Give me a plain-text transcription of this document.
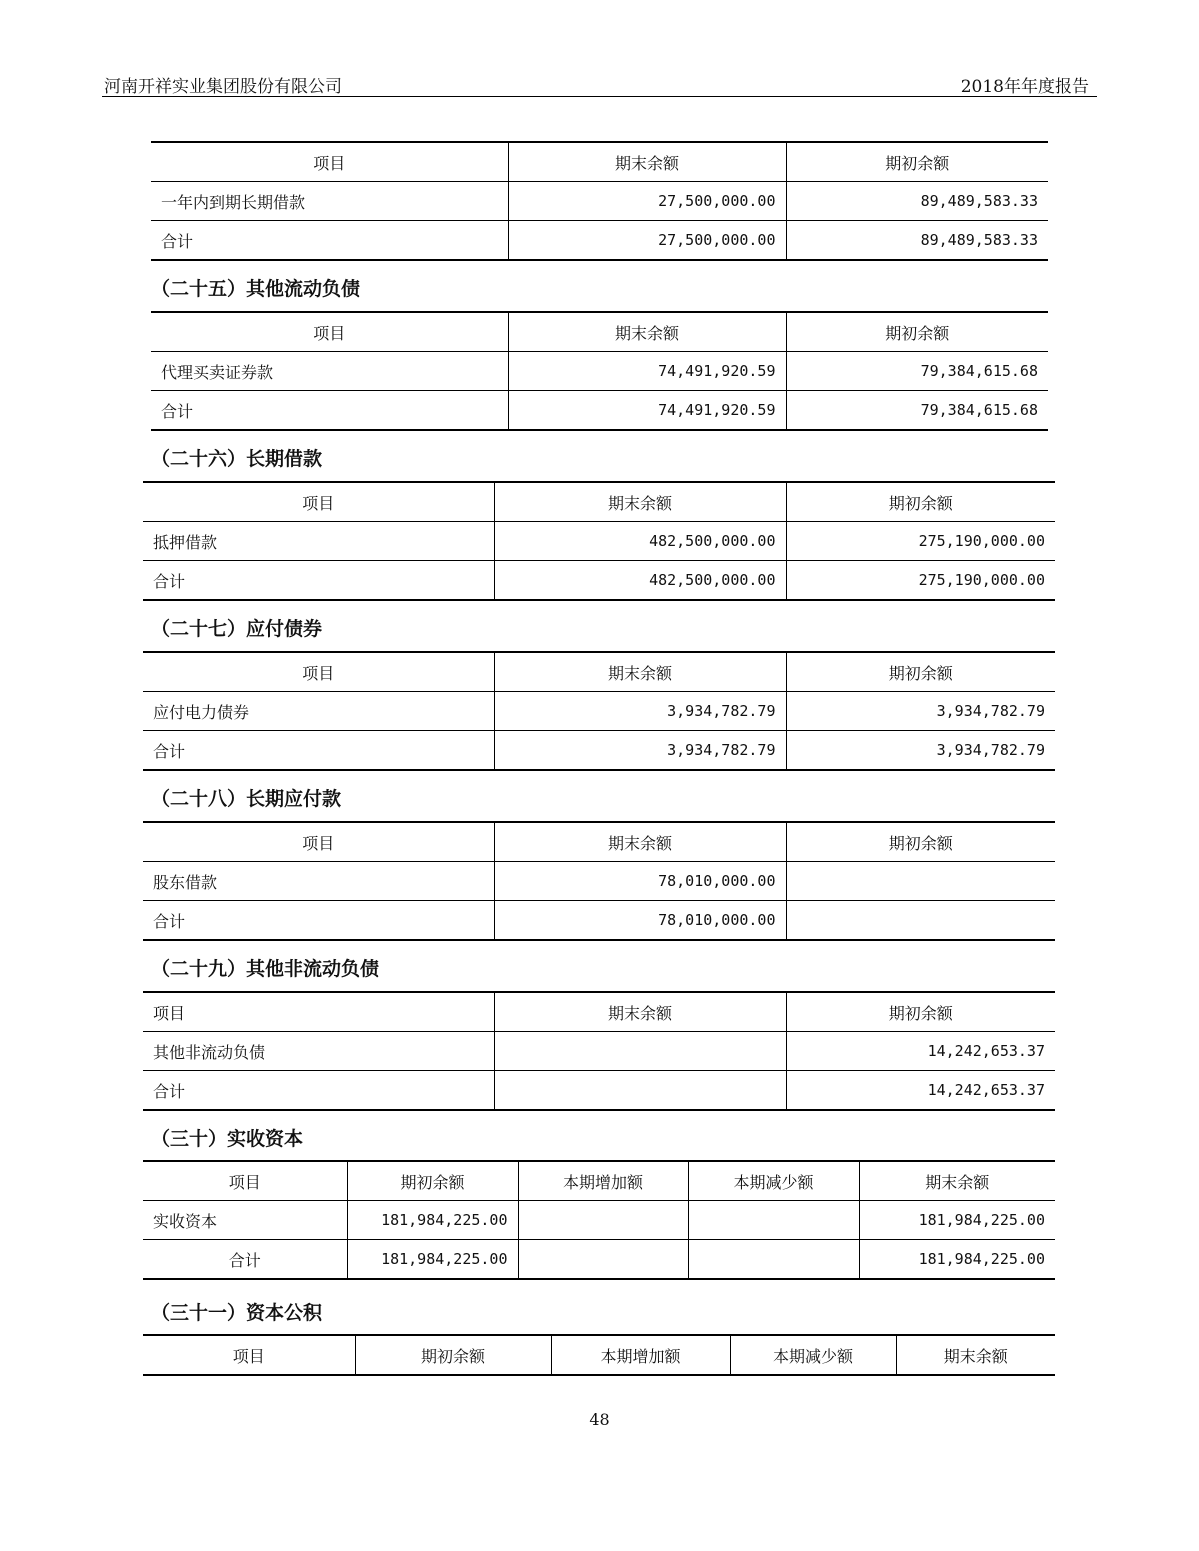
河南开祥实业集团股份有限公司	2018年年度报告
项目	期末余额	期初余额
一年内到期长期借款	27,500,000.00	89,489,583.33
合计	27,500,000.00	89,489,583.33
（二十五）其他流动负债
项目	期末余额	期初余额
代理买卖证券款	74,491,920.59	79,384,615.68
合计	74,491,920.59	79,384,615.68
（二十六）长期借款
项目	期末余额	期初余额
抵押借款	482,500,000.00	275,190,000.00
合计	482,500,000.00	275,190,000.00
（二十七）应付债券
项目	期末余额	期初余额
应付电力债券	3,934,782.79	3,934,782.79
合计	3,934,782.79	3,934,782.79
（二十八）长期应付款
项目	期末余额	期初余额
股东借款	78,010,000.00	
合计	78,010,000.00	
（二十九）其他非流动负债
项目	期末余额	期初余额
其他非流动负债		14,242,653.37
合计		14,242,653.37
（三十）实收资本
项目	期初余额	本期增加额	本期减少额	期末余额
实收资本	181,984,225.00			181,984,225.00
合计	181,984,225.00			181,984,225.00
（三十一）资本公积
项目	期初余额	本期增加额	本期减少额	期末余额
48
